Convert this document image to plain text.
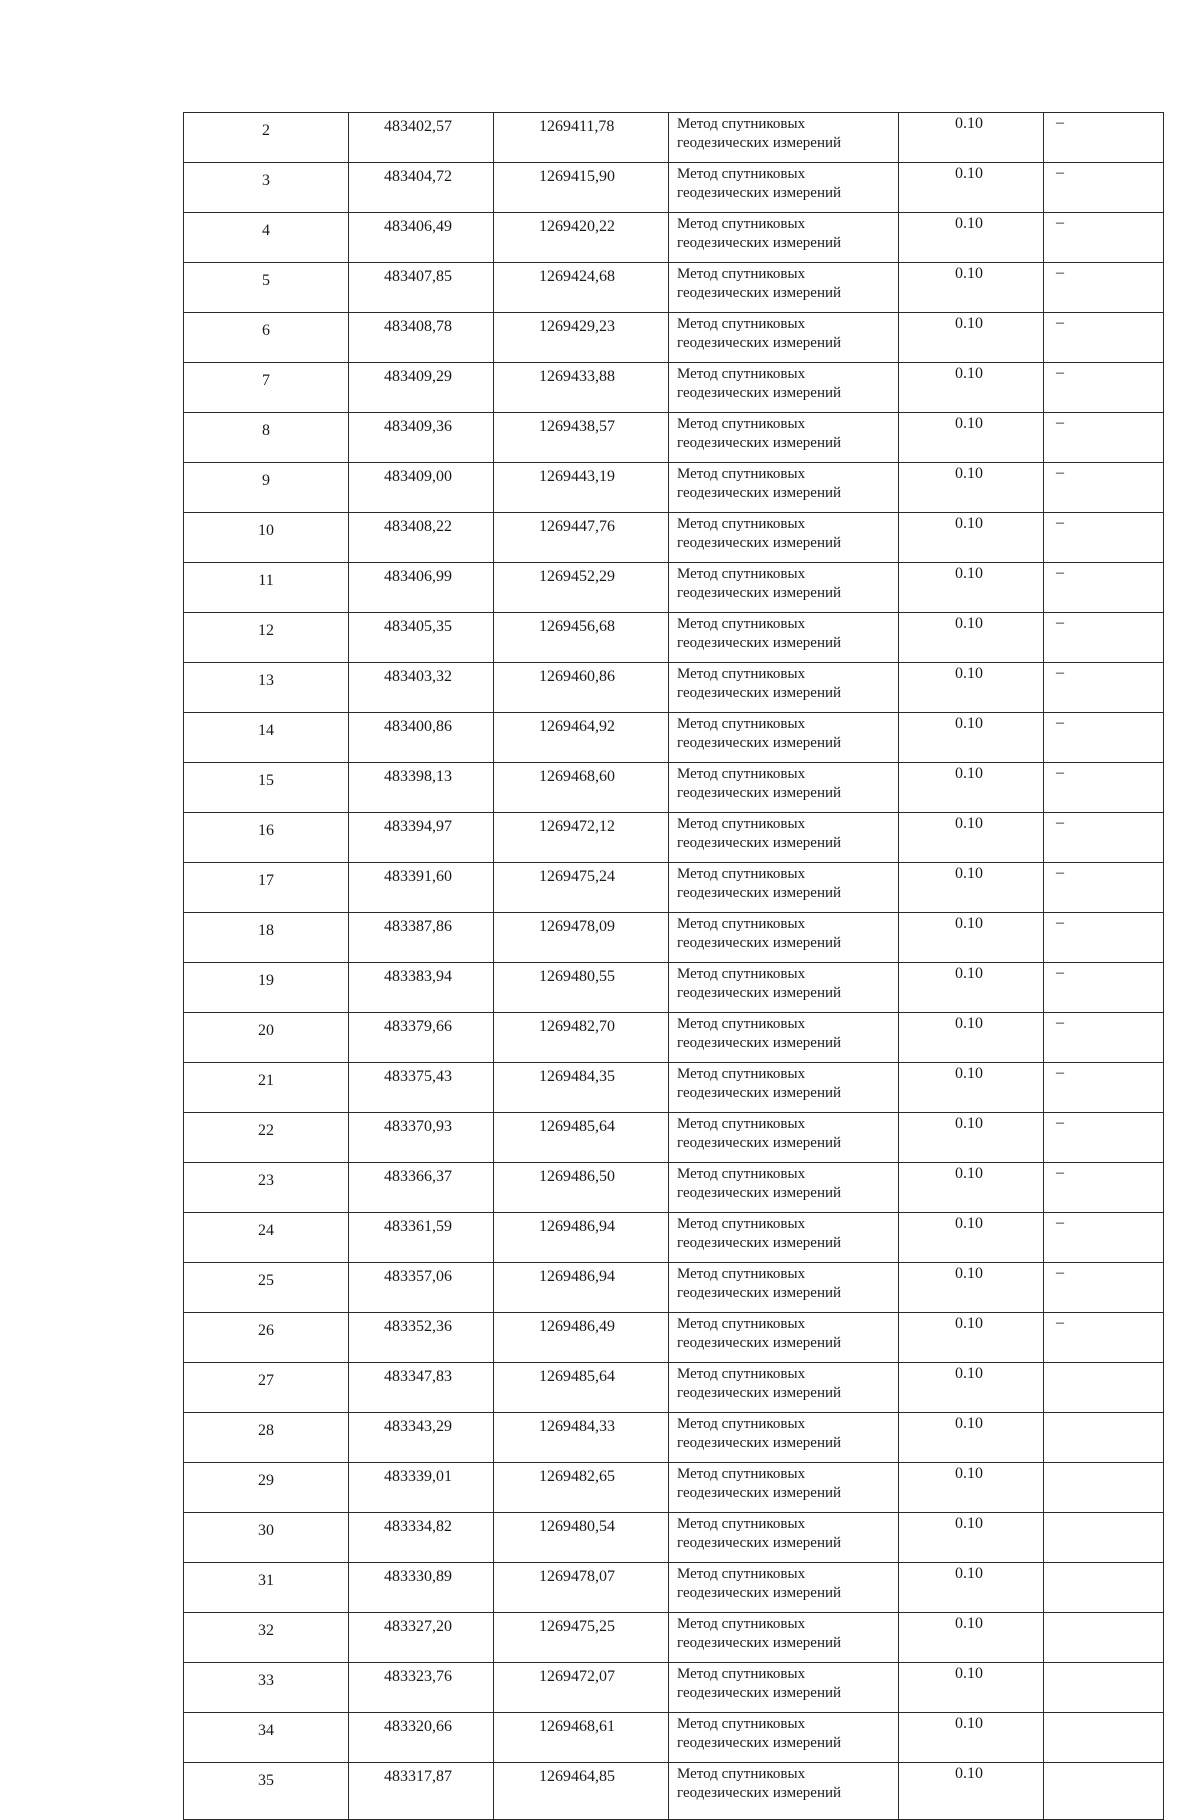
2	483402,57	1269411,78	Метод спутниковых
геодезических измерений	0.10	–
3	483404,72	1269415,90	Метод спутниковых
геодезических измерений	0.10	–
4	483406,49	1269420,22	Метод спутниковых
геодезических измерений	0.10	–
5	483407,85	1269424,68	Метод спутниковых
геодезических измерений	0.10	–
6	483408,78	1269429,23	Метод спутниковых
геодезических измерений	0.10	–
7	483409,29	1269433,88	Метод спутниковых
геодезических измерений	0.10	–
8	483409,36	1269438,57	Метод спутниковых
геодезических измерений	0.10	–
9	483409,00	1269443,19	Метод спутниковых
геодезических измерений	0.10	–
10	483408,22	1269447,76	Метод спутниковых
геодезических измерений	0.10	–
11	483406,99	1269452,29	Метод спутниковых
геодезических измерений	0.10	–
12	483405,35	1269456,68	Метод спутниковых
геодезических измерений	0.10	–
13	483403,32	1269460,86	Метод спутниковых
геодезических измерений	0.10	–
14	483400,86	1269464,92	Метод спутниковых
геодезических измерений	0.10	–
15	483398,13	1269468,60	Метод спутниковых
геодезических измерений	0.10	–
16	483394,97	1269472,12	Метод спутниковых
геодезических измерений	0.10	–
17	483391,60	1269475,24	Метод спутниковых
геодезических измерений	0.10	–
18	483387,86	1269478,09	Метод спутниковых
геодезических измерений	0.10	–
19	483383,94	1269480,55	Метод спутниковых
геодезических измерений	0.10	–
20	483379,66	1269482,70	Метод спутниковых
геодезических измерений	0.10	–
21	483375,43	1269484,35	Метод спутниковых
геодезических измерений	0.10	–
22	483370,93	1269485,64	Метод спутниковых
геодезических измерений	0.10	–
23	483366,37	1269486,50	Метод спутниковых
геодезических измерений	0.10	–
24	483361,59	1269486,94	Метод спутниковых
геодезических измерений	0.10	–
25	483357,06	1269486,94	Метод спутниковых
геодезических измерений	0.10	–
26	483352,36	1269486,49	Метод спутниковых
геодезических измерений	0.10	–
27	483347,83	1269485,64	Метод спутниковых
геодезических измерений	0.10	
28	483343,29	1269484,33	Метод спутниковых
геодезических измерений	0.10	
29	483339,01	1269482,65	Метод спутниковых
геодезических измерений	0.10	
30	483334,82	1269480,54	Метод спутниковых
геодезических измерений	0.10	
31	483330,89	1269478,07	Метод спутниковых
геодезических измерений	0.10	
32	483327,20	1269475,25	Метод спутниковых
геодезических измерений	0.10	
33	483323,76	1269472,07	Метод спутниковых
геодезических измерений	0.10	
34	483320,66	1269468,61	Метод спутниковых
геодезических измерений	0.10	
35	483317,87	1269464,85	Метод спутниковых
геодезических измерений	0.10	
